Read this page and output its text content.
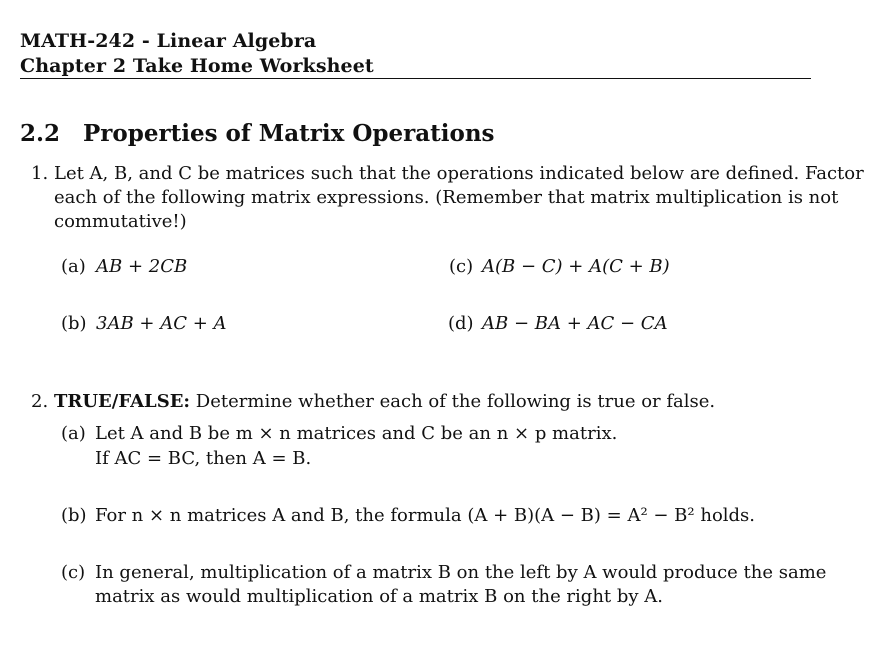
MATH-242 - Linear Algebra
Chapter 2 Take Home Worksheet
2.2 Properties of Matrix Operations
1. Let A, B, and C be matrices such that the operations indicated below are defined. Factor
each of the following matrix expressions. (Remember that matrix multiplication is not
commutative!)
(a) AB + 2CB
(b) 3AB + AC + A
(c) A(B − C) + A(C + B)
(d) AB − BA + AC − CA
2. TRUE/FALSE: Determine whether each of the following is true or false.
(a) Let A and B be m × n matrices and C be an n × p matrix.
If AC = BC, then A = B.
(b) For n × n matrices A and B, the formula (A + B)(A − B) = A² − B² holds.
(c) In general, multiplication of a matrix B on the left by A would produce the same
matrix as would multiplication of a matrix B on the right by A.
